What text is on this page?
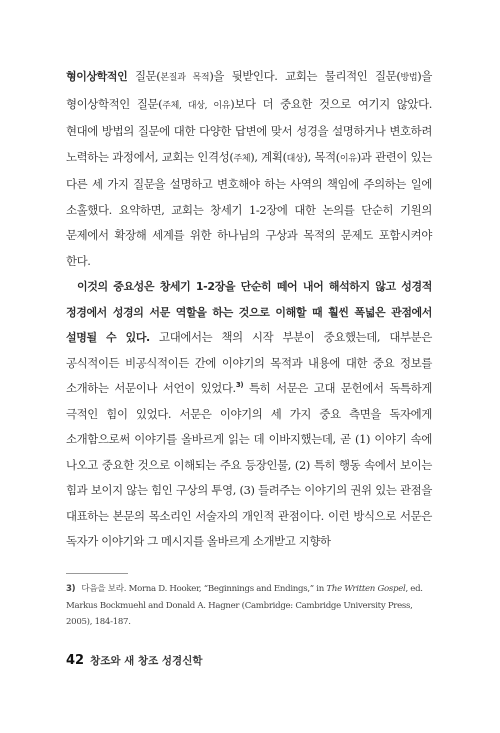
형이상학적인 질문(본질과 목적)을 뒷받인다. 교회는 물리적인 질문(방법)을 형이상학적인 질문(주체, 대상, 이유)보다 더 중요한 것으로 여기지 않았다. 현대에 방법의 질문에 대한 다양한 답변에 맞서 성경을 설명하거나 변호하려 노력하는 과정에서, 교회는 인격성(주체), 계획(대상), 목적(이유)과 관련이 있는 다른 세 가지 질문을 설명하고 변호해야 하는 사역의 책임에 주의하는 일에 소홀했다. 요약하면, 교회는 창세기 1-2장에 대한 논의를 단순히 기원의 문제에서 확장해 세계를 위한 하나님의 구상과 목적의 문제도 포함시켜야 한다.

이것의 중요성은 창세기 1-2장을 단순히 떼어 내어 해석하지 않고 성경적 정경에서 성경의 서문 역할을 하는 것으로 이해할 때 훨씬 폭넓은 관점에서 설명될 수 있다. 고대에서는 책의 시작 부분이 중요했는데, 대부분은 공식적이든 비공식적이든 간에 이야기의 목적과 내용에 대한 중요 정보를 소개하는 서문이나 서언이 있었다.$^{3)}$ 특히 서문은 고대 문헌에서 독특하게 극적인 힘이 있었다. 서문은 이야기의 세 가지 중요 측면을 독자에게 소개함으로써 이야기를 올바르게 읽는 데 이바지했는데, 곧 (1) 이야기 속에 나오고 중요한 것으로 이해되는 주요 등장인물, (2) 특히 행동 속에서 보이는 힘과 보이지 않는 힘인 구상의 투영, (3) 들려주는 이야기의 권위 있는 관점을 대표하는 본문의 목소리인 서술자의 개인적 관점이다. 이런 방식으로 서문은 독자가 이야기와 그 메시지를 올바르게 소개받고 지향하

3) 다음을 보라. Morna D. Hooker, “Beginnings and Endings,” in The Written Gospel, ed. Markus Bockmuehl and Donald A. Hagner (Cambridge: Cambridge University Press, 2005), 184-187.
42 창조와 새 창조 성경신학
